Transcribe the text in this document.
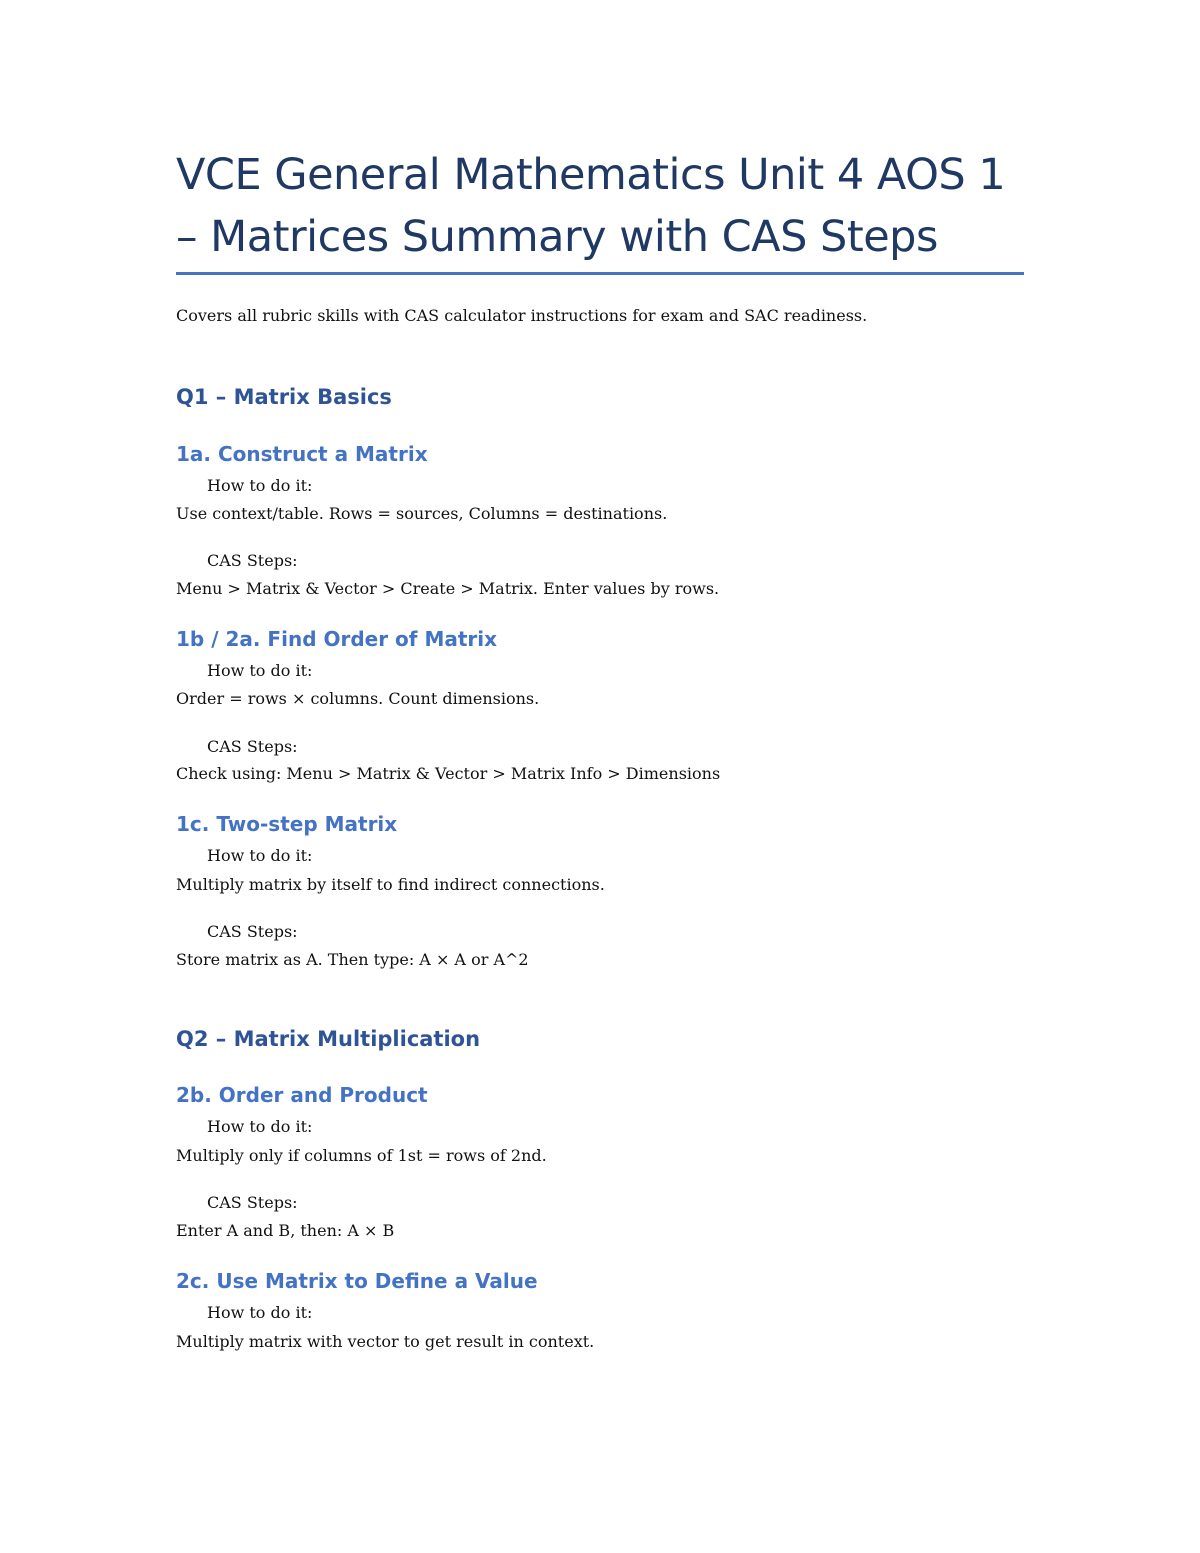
VCE General Mathematics Unit 4 AOS 1
– Matrices Summary with CAS Steps
Covers all rubric skills with CAS calculator instructions for exam and SAC readiness.
Q1 – Matrix Basics
1a. Construct a Matrix
How to do it:
Use context/table. Rows = sources, Columns = destinations.
CAS Steps:
Menu > Matrix & Vector > Create > Matrix. Enter values by rows.
1b / 2a. Find Order of Matrix
How to do it:
Order = rows × columns. Count dimensions.
CAS Steps:
Check using: Menu > Matrix & Vector > Matrix Info > Dimensions
1c. Two-step Matrix
How to do it:
Multiply matrix by itself to find indirect connections.
CAS Steps:
Store matrix as A. Then type: A × A or A^2
Q2 – Matrix Multiplication
2b. Order and Product
How to do it:
Multiply only if columns of 1st = rows of 2nd.
CAS Steps:
Enter A and B, then: A × B
2c. Use Matrix to Define a Value
How to do it:
Multiply matrix with vector to get result in context.
